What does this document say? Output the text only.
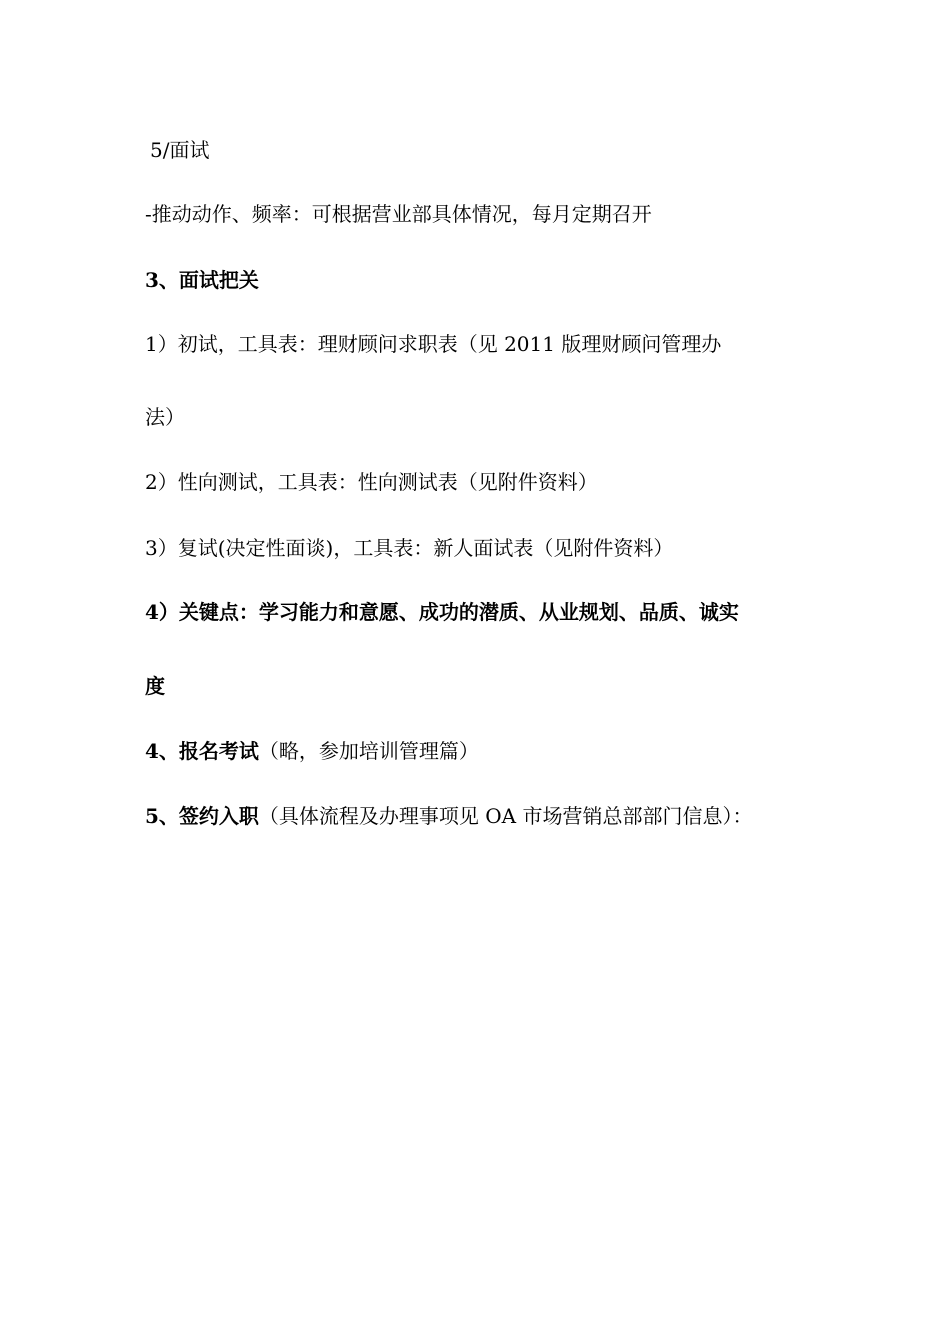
5/面试
-推动动作、频率：可根据营业部具体情况，每月定期召开
3、面试把关
1）初试，工具表：理财顾问求职表（见 2011 版理财顾问管理办
法）
2）性向测试，工具表：性向测试表（见附件资料）
3）复试(决定性面谈)，工具表：新人面试表（见附件资料）
4）关键点：学习能力和意愿、成功的潜质、从业规划、品质、诚实
度
4、报名考试（略，参加培训管理篇）
5、签约入职（具体流程及办理事项见 OA 市场营销总部部门信息）：
